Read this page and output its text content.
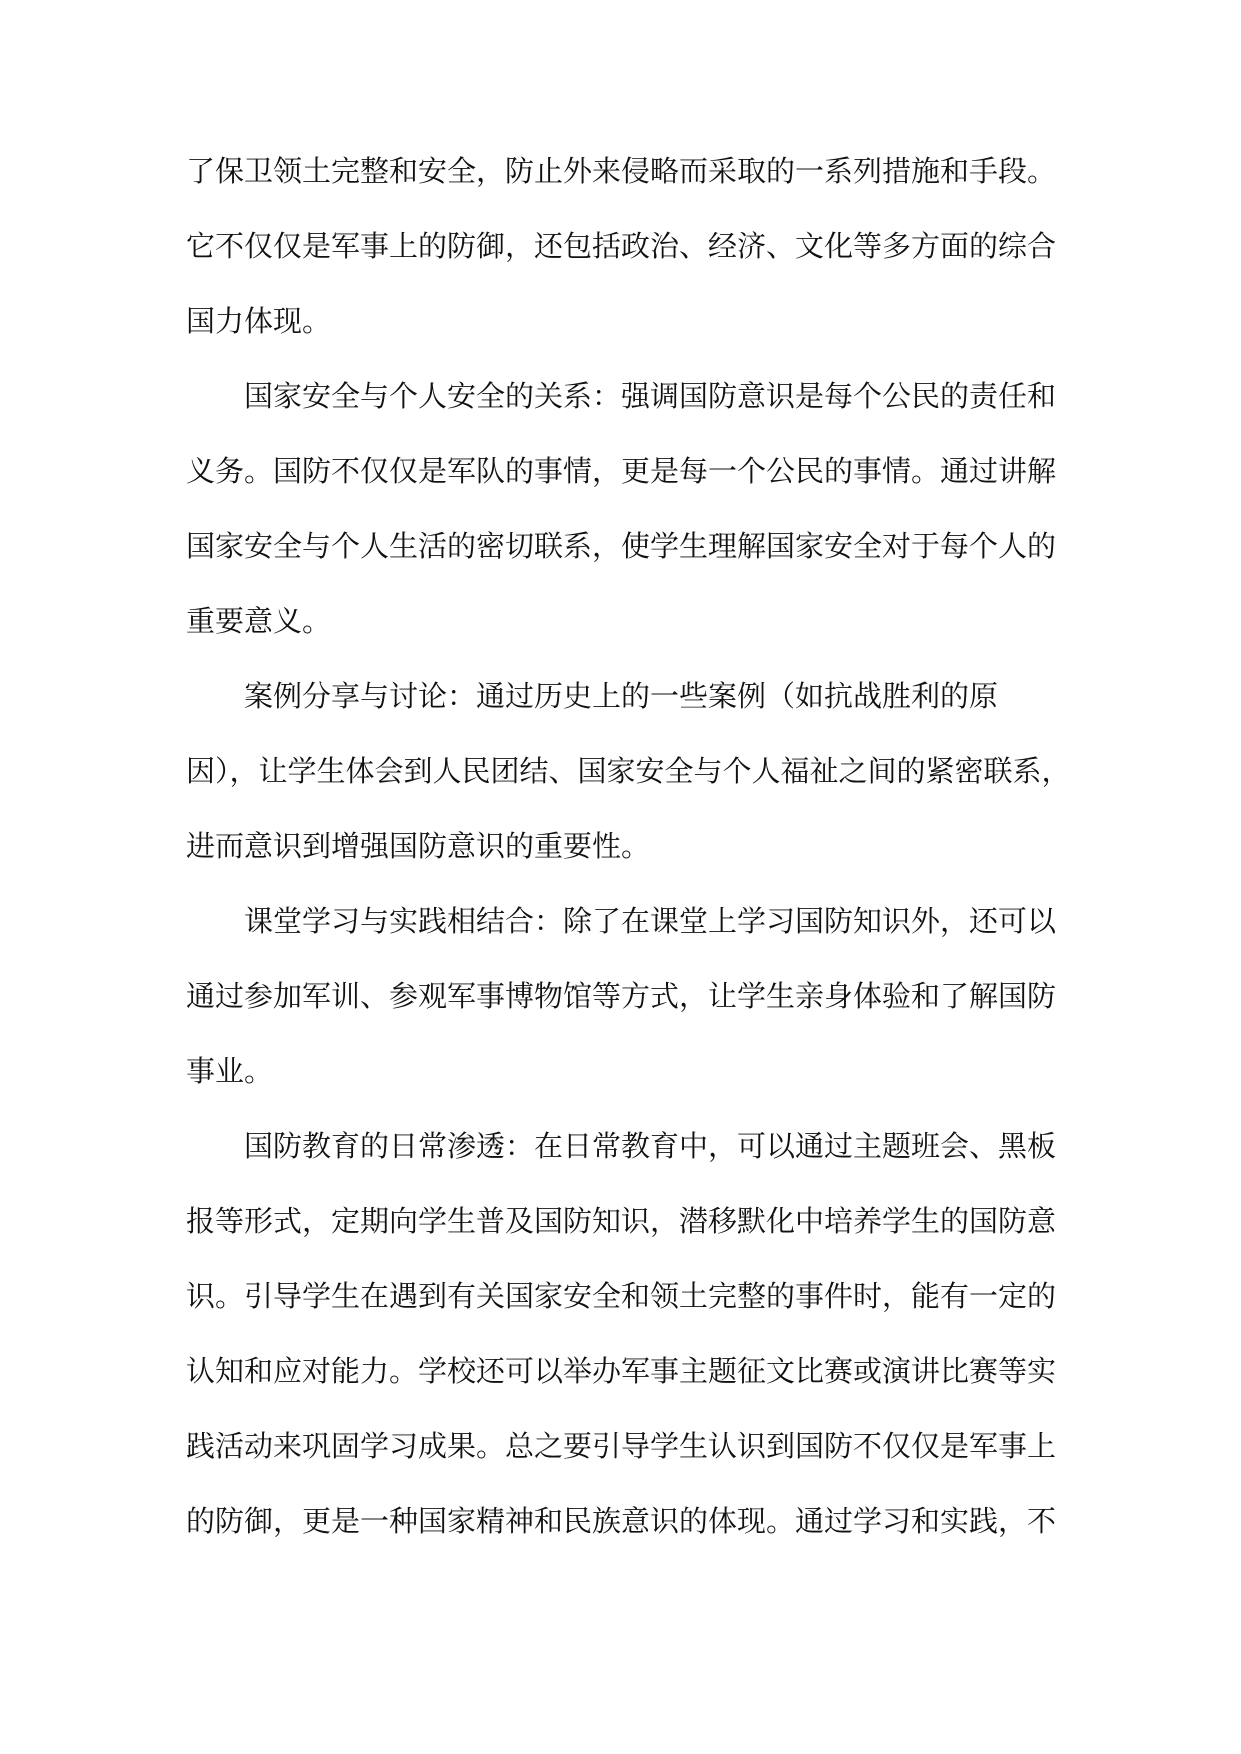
了保卫领土完整和安全，防止外来侵略而采取的一系列措施和手段。
它不仅仅是军事上的防御，还包括政治、经济、文化等多方面的综合
国力体现。
国家安全与个人安全的关系：强调国防意识是每个公民的责任和
义务。国防不仅仅是军队的事情，更是每一个公民的事情。通过讲解
国家安全与个人生活的密切联系，使学生理解国家安全对于每个人的
重要意义。
案例分享与讨论：通过历史上的一些案例（如抗战胜利的原
因），让学生体会到人民团结、国家安全与个人福祉之间的紧密联系，
进而意识到增强国防意识的重要性。
课堂学习与实践相结合：除了在课堂上学习国防知识外，还可以
通过参加军训、参观军事博物馆等方式，让学生亲身体验和了解国防
事业。
国防教育的日常渗透：在日常教育中，可以通过主题班会、黑板
报等形式，定期向学生普及国防知识，潜移默化中培养学生的国防意
识。引导学生在遇到有关国家安全和领土完整的事件时，能有一定的
认知和应对能力。学校还可以举办军事主题征文比赛或演讲比赛等实
践活动来巩固学习成果。总之要引导学生认识到国防不仅仅是军事上
的防御，更是一种国家精神和民族意识的体现。通过学习和实践，不
